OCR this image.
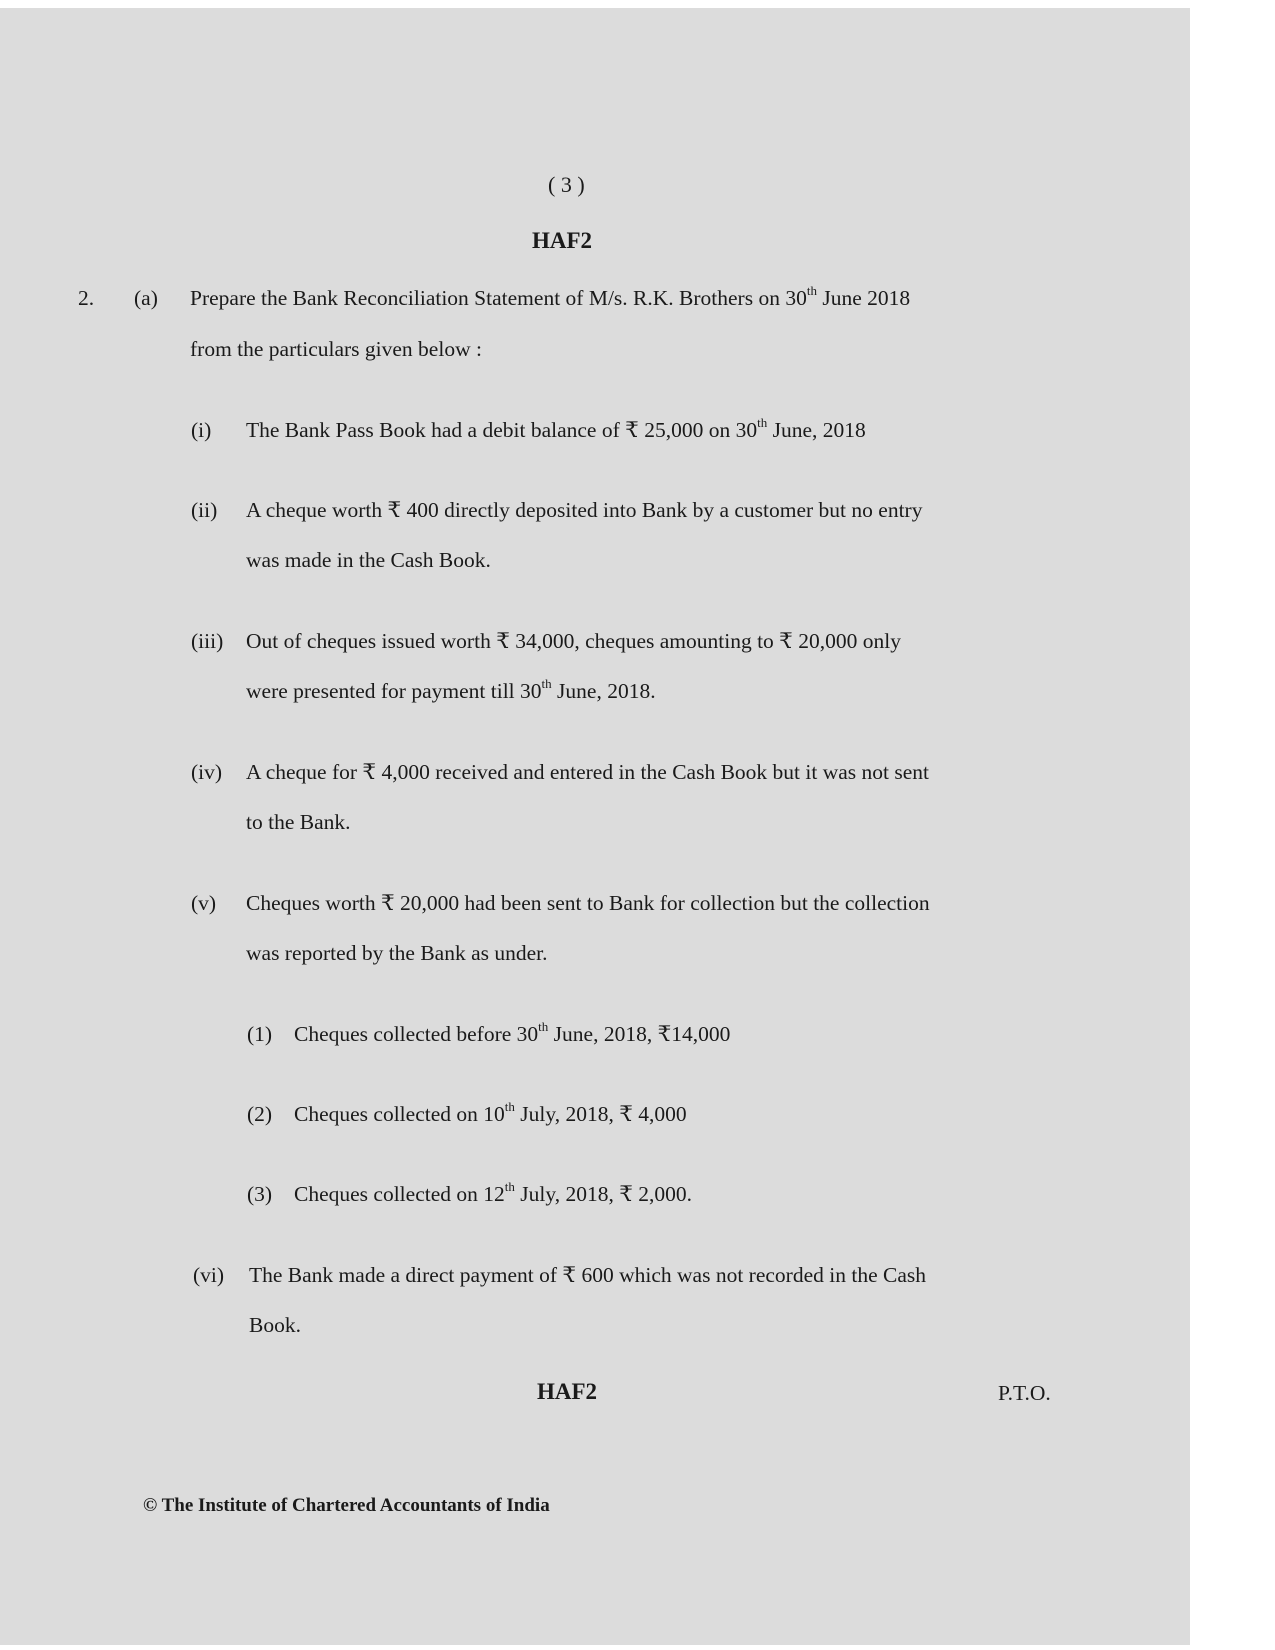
( 3 )
HAF2
2. (a) Prepare the Bank Reconciliation Statement of M/s. R.K. Brothers on 30th June 2018
from the particulars given below :
(i) The Bank Pass Book had a debit balance of ₹ 25,000 on 30th June, 2018
(ii) A cheque worth ₹ 400 directly deposited into Bank by a customer but no entry
was made in the Cash Book.
(iii) Out of cheques issued worth ₹ 34,000, cheques amounting to ₹ 20,000 only
were presented for payment till 30th June, 2018.
(iv) A cheque for ₹ 4,000 received and entered in the Cash Book but it was not sent
to the Bank.
(v) Cheques worth ₹ 20,000 had been sent to Bank for collection but the collection
was reported by the Bank as under.
(1) Cheques collected before 30th June, 2018, ₹14,000
(2) Cheques collected on 10th July, 2018, ₹ 4,000
(3) Cheques collected on 12th July, 2018, ₹ 2,000.
(vi) The Bank made a direct payment of ₹ 600 which was not recorded in the Cash
Book.
HAF2	P.T.O.
© The Institute of Chartered Accountants of India
